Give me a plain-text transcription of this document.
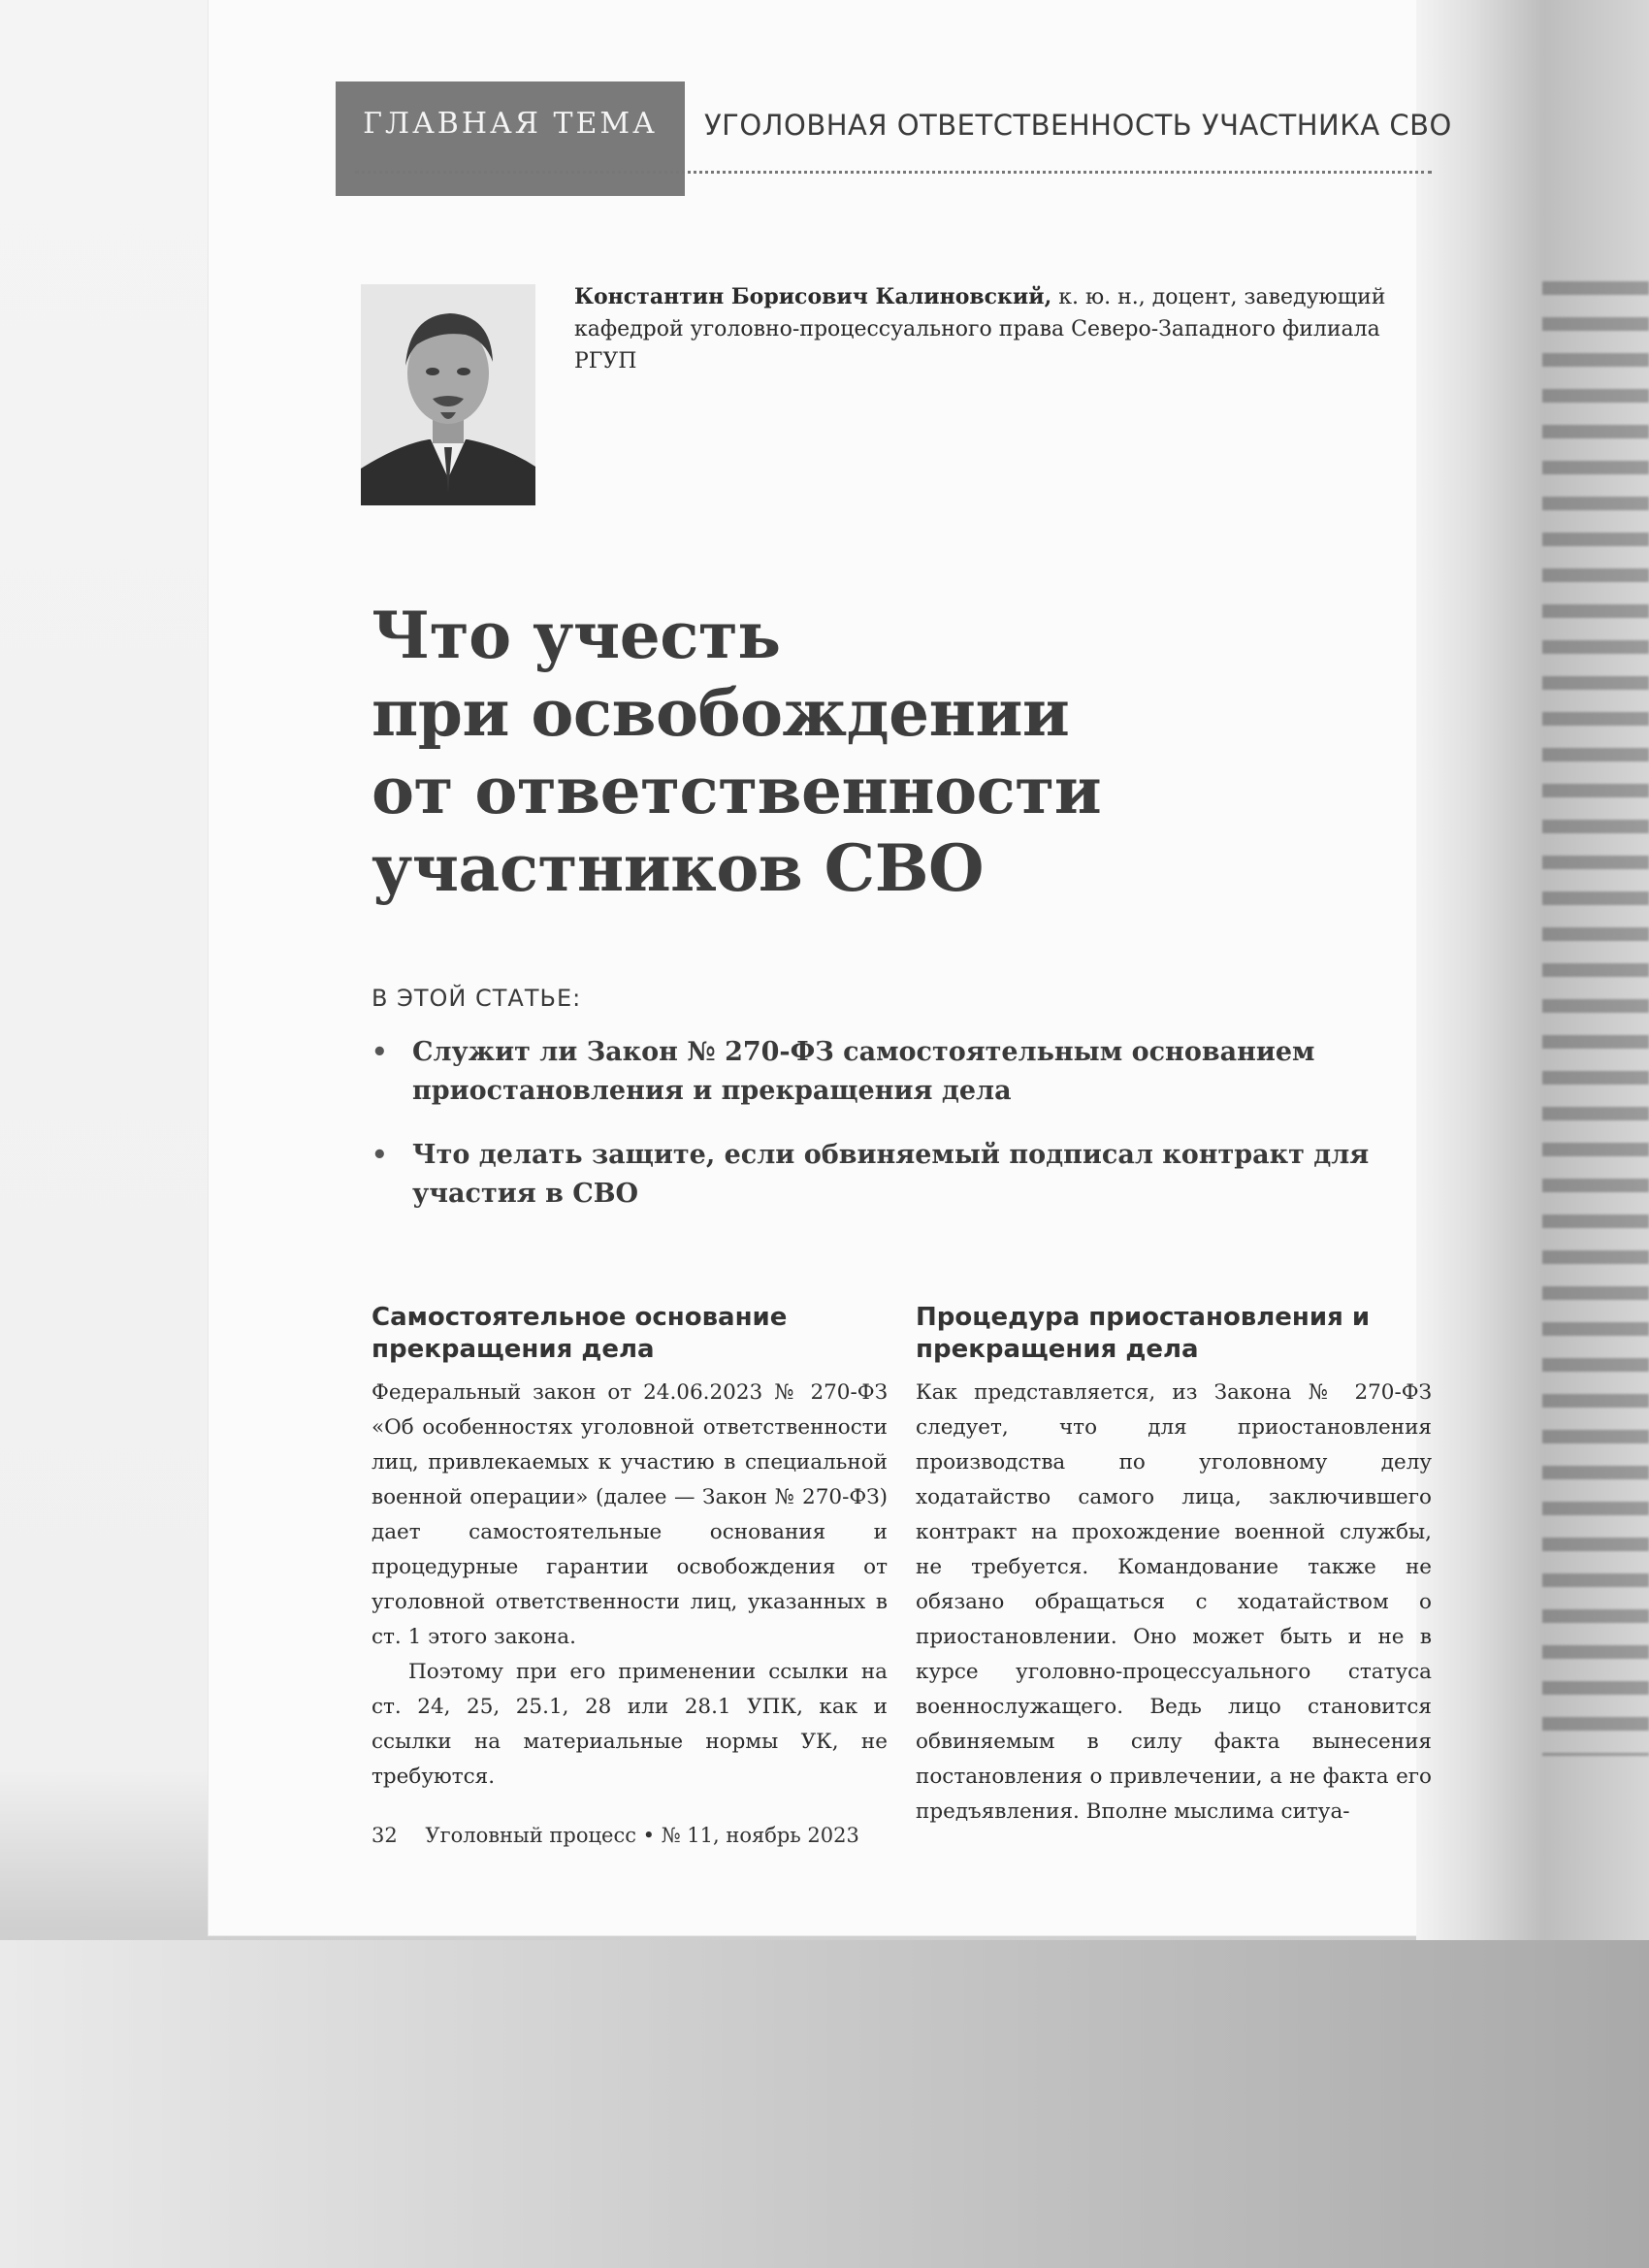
ГЛАВНАЯ ТЕМА УГОЛОВНАЯ ОТВЕТСТВЕННОСТЬ УЧАСТНИКА СВО
Константин Борисович Калиновский, к. ю. н., доцент, заведующий
кафедрой уголовно-процессуального права Северо-Западного филиала РГУП
Что учесть
при освобождении
от ответственности
участников СВО
В ЭТОЙ СТАТЬЕ:
• Служит ли Закон № 270-ФЗ самостоятельным основанием приостановления и прекращения дела
• Что делать защите, если обвиняемый подписал контракт для участия в СВО
Самостоятельное основание прекращения дела

Федеральный закон от 24.06.2023 № 270-ФЗ «Об особенностях уголовной ответственности лиц, привлекаемых к участию в специальной военной операции» (далее — Закон № 270-ФЗ) дает самостоятельные основания и процедурные гарантии освобождения от уголовной ответственности лиц, указанных в ст. 1 этого закона.

Поэтому при его применении ссылки на ст. 24, 25, 25.1, 28 или 28.1 УПК, как и ссылки на материальные нормы УК, не требуются.

Процедура приостановления и прекращения дела

Как представляется, из Закона № 270-ФЗ следует, что для приостановления производства по уголовному делу ходатайство самого лица, заключившего контракт на прохождение военной службы, не требуется. Командование также не обязано обращаться с ходатайством о приостановлении. Оно может быть и не в курсе уголовно-процессуального статуса военнослужащего. Ведь лицо становится обвиняемым в силу факта вынесения постановления о привлечении, а не факта его предъявления. Вполне мыслима ситуа-

32 Уголовный процесс • № 11, ноябрь 2023
